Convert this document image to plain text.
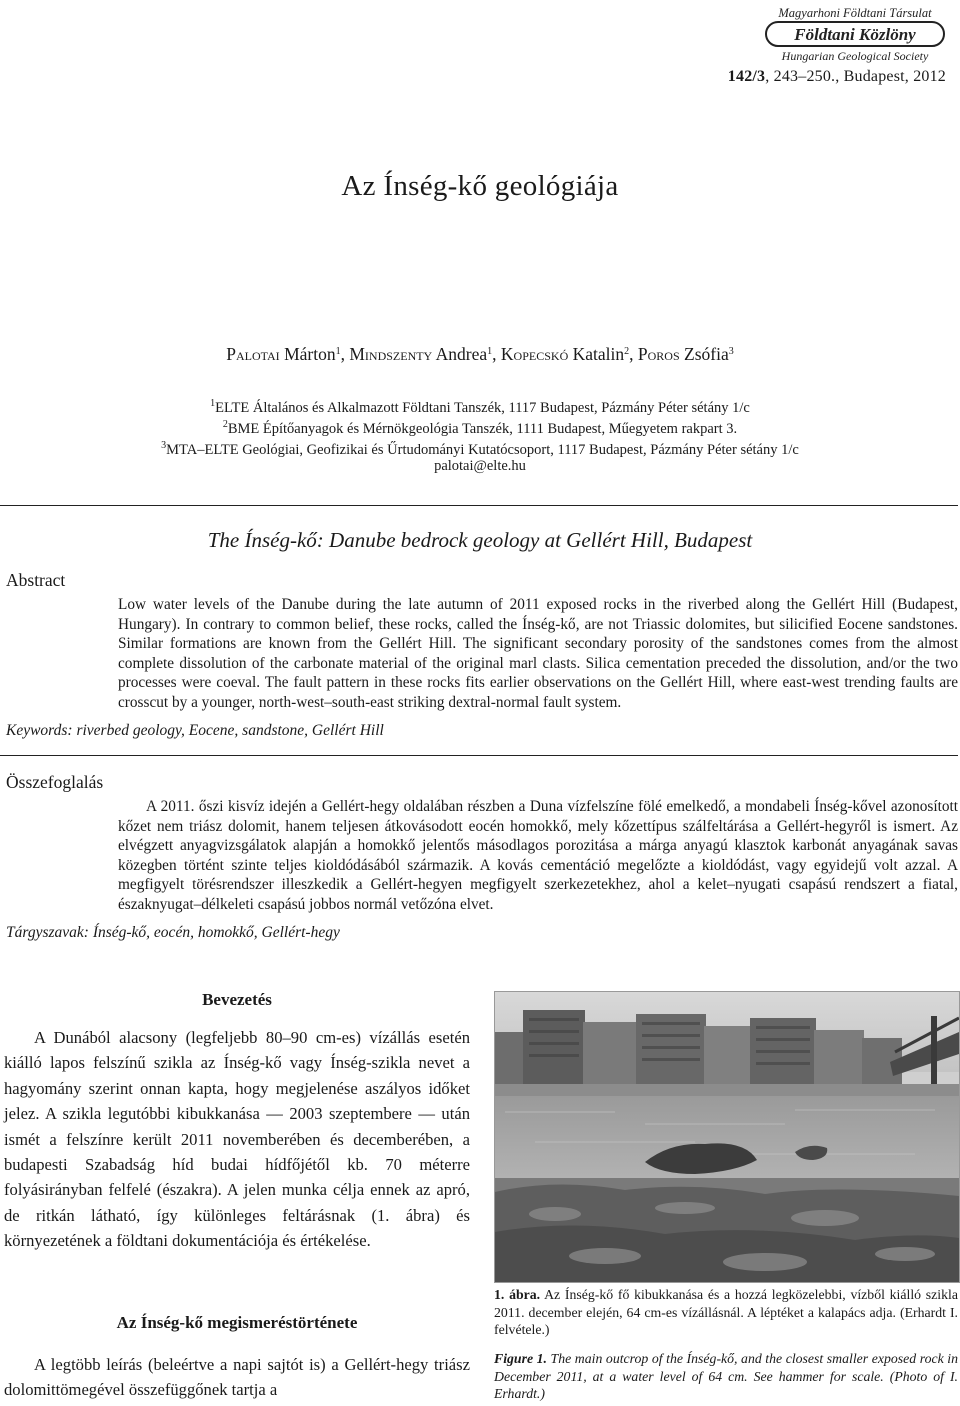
Magyarhoni Földtani Társulat
Földtani Közlöny
Hungarian Geological Society
142/3, 243–250., Budapest, 2012
Az Ínség-kő geológiája
Palotai Márton$^1$, Mindszenty Andrea$^1$, Kopecskó Katalin$^2$, Poros Zsófia$^3$
$^1$ELTE Általános és Alkalmazott Földtani Tanszék, 1117 Budapest, Pázmány Péter sétány 1/c
$^2$BME Építőanyagok és Mérnökgeológia Tanszék, 1111 Budapest, Műegyetem rakpart 3.
$^3$MTA–ELTE Geológiai, Geofizikai és Űrtudományi Kutatócsoport, 1117 Budapest, Pázmány Péter sétány 1/c
palotai@elte.hu
The Ínség-kő: Danube bedrock geology at Gellért Hill, Budapest
Abstract
Low water levels of the Danube during the late autumn of 2011 exposed rocks in the riverbed along the Gellért Hill (Budapest, Hungary). In contrary to common belief, these rocks, called the Ínség-kő, are not Triassic dolomites, but silicified Eocene sandstones. Similar formations are known from the Gellért Hill. The significant secondary porosity of the sandstones comes from the almost complete dissolution of the carbonate material of the original marl clasts. Silica cementation preceded the dissolution, and/or the two processes were coeval. The fault pattern in these rocks fits earlier observations on the Gellért Hill, where east-west trending faults are crosscut by a younger, north-west–south-east striking dextral-normal fault system.
Keywords: riverbed geology, Eocene, sandstone, Gellért Hill
Összefoglalás
A 2011. őszi kisvíz idején a Gellért-hegy oldalában részben a Duna vízfelszíne fölé emelkedő, a mondabeli Ínség-kővel azonosított kőzet nem triász dolomit, hanem teljesen átkovásodott eocén homokkő, mely kőzettípus szálfeltárása a Gellért-hegyről is ismert. Az elvégzett anyagvizsgálatok alapján a homokkő jelentős másodlagos porozitása a márga anyagú klasztok karbonát anyagának savas közegben történt szinte teljes kioldódásából származik. A kovás cementáció megelőzte a kioldódást, vagy egyidejű volt azzal. A megfigyelt törésrendszer illeszkedik a Gellért-hegyen megfigyelt szerkezetekhez, ahol a kelet–nyugati csapású rendszert a fiatal, északnyugat–délkeleti csapású jobbos normál vetőzóna elvet.
Tárgyszavak: Ínség-kő, eocén, homokkő, Gellért-hegy
Bevezetés
A Dunából alacsony (legfeljebb 80–90 cm-es) vízállás esetén kiálló lapos felszínű szikla az Ínség-kő vagy Ínség-szikla nevet a hagyomány szerint onnan kapta, hogy megjelenése aszályos időket jelez. A szikla legutóbbi kibukkanása — 2003 szeptembere — után ismét a felszínre került 2011 novemberében és decemberében, a budapesti Szabadság híd budai hídfőjétől kb. 70 méterre folyásirányban felfelé (északra). A jelen munka célja ennek az apró, de ritkán látható, így különleges feltárásnak (1. ábra) és környezetének a földtani dokumentációja és értékelése.
Az Ínség-kő megismeréstörténete
A legtöbb leírás (beleértve a napi sajtót is) a Gellért-hegy triász dolomittömegével összefüggőnek tartja a
1. ábra. Az Ínség-kő fő kibukkanása és a hozzá legközelebbi, vízből kiálló szikla 2011. december elején, 64 cm-es vízállásnál. A léptéket a kalapács adja. (Erhardt I. felvétele.)
Figure 1. The main outcrop of the Ínség-kő, and the closest smaller exposed rock in December 2011, at a water level of 64 cm. See hammer for scale. (Photo of I. Erhardt.)
